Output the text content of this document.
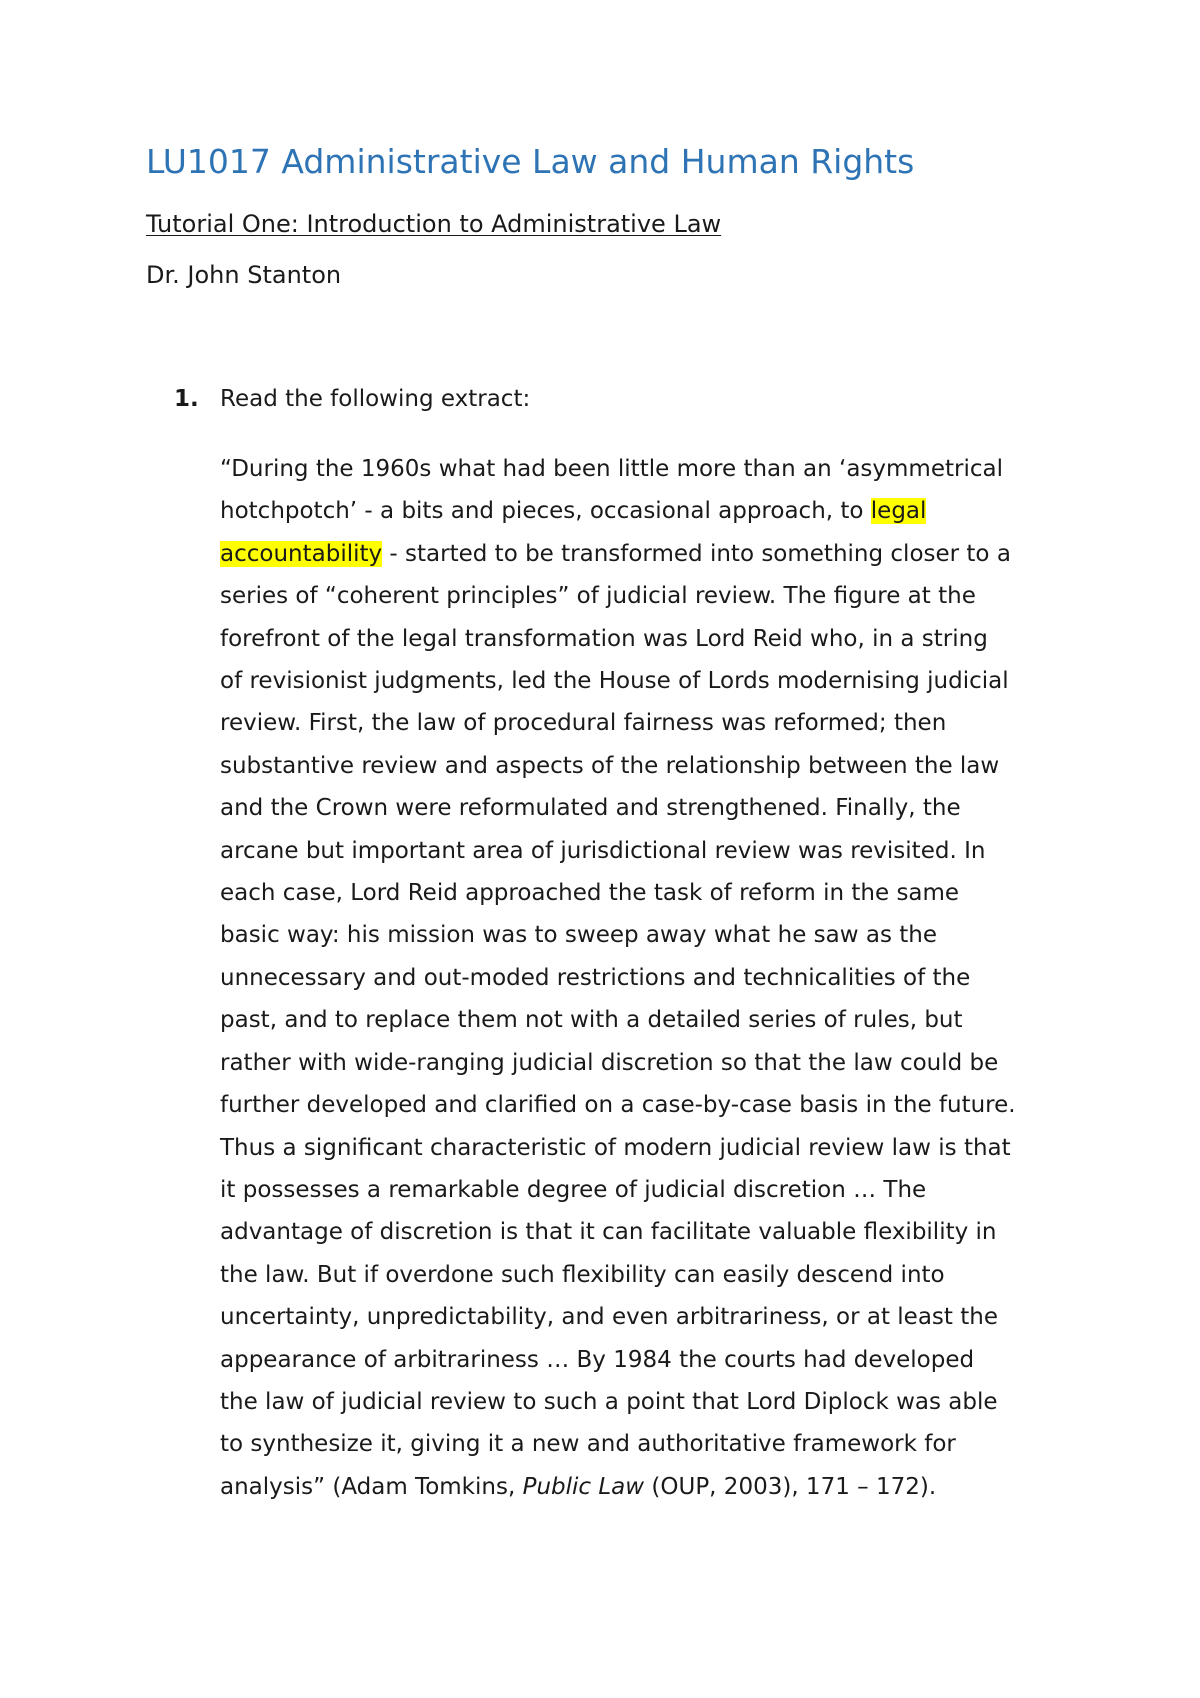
LU1017 Administrative Law and Human Rights

Tutorial One: Introduction to Administrative Law

Dr. John Stanton

1. Read the following extract:
“During the 1960s what had been little more than an ‘asymmetrical
hotchpotch’ - a bits and pieces, occasional approach, to legal
accountability - started to be transformed into something closer to a
series of “coherent principles” of judicial review. The figure at the
forefront of the legal transformation was Lord Reid who, in a string
of revisionist judgments, led the House of Lords modernising judicial
review. First, the law of procedural fairness was reformed; then
substantive review and aspects of the relationship between the law
and the Crown were reformulated and strengthened. Finally, the
arcane but important area of jurisdictional review was revisited. In
each case, Lord Reid approached the task of reform in the same
basic way: his mission was to sweep away what he saw as the
unnecessary and out-moded restrictions and technicalities of the
past, and to replace them not with a detailed series of rules, but
rather with wide-ranging judicial discretion so that the law could be
further developed and clarified on a case-by-case basis in the future.
Thus a significant characteristic of modern judicial review law is that
it possesses a remarkable degree of judicial discretion … The
advantage of discretion is that it can facilitate valuable flexibility in
the law. But if overdone such flexibility can easily descend into
uncertainty, unpredictability, and even arbitrariness, or at least the
appearance of arbitrariness … By 1984 the courts had developed
the law of judicial review to such a point that Lord Diplock was able
to synthesize it, giving it a new and authoritative framework for
analysis” (Adam Tomkins, Public Law (OUP, 2003), 171 – 172).
